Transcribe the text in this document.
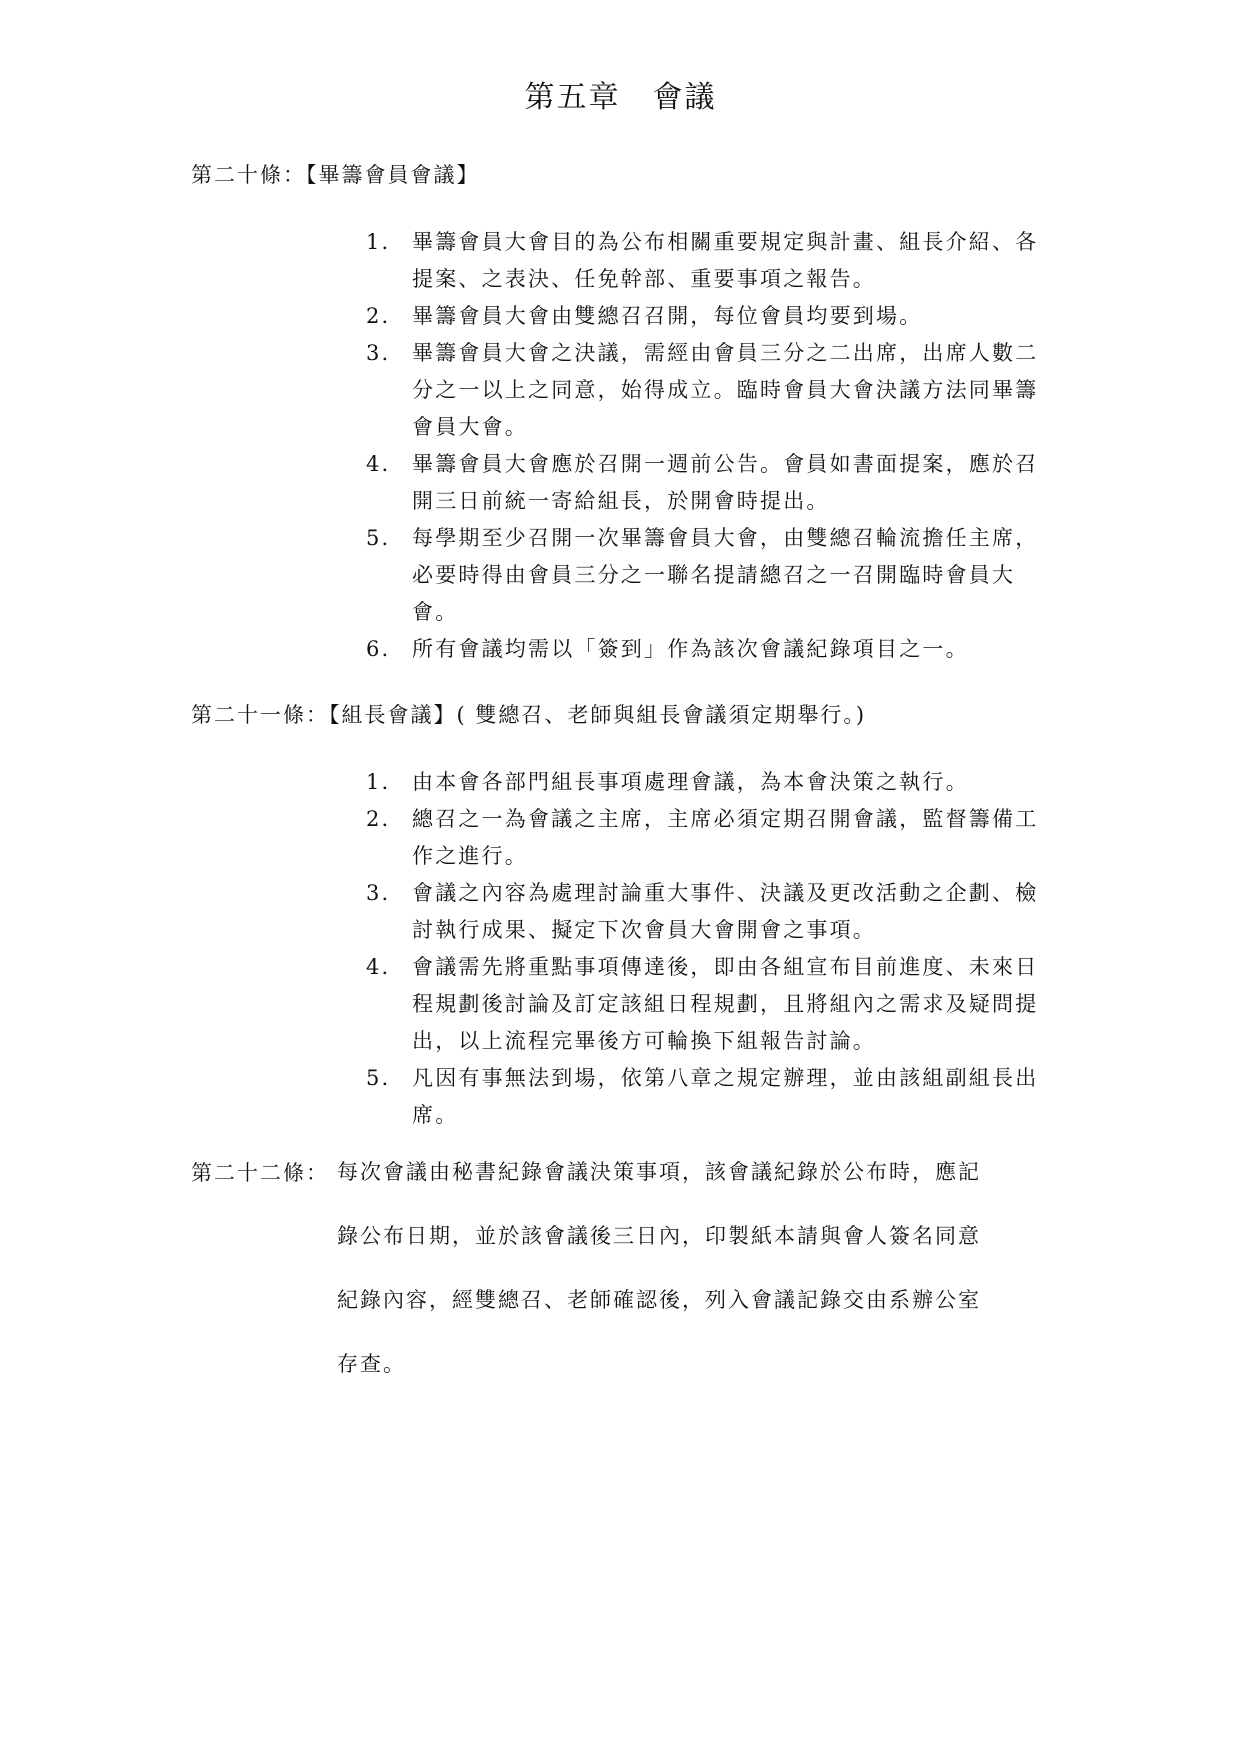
第五章　會議
第二十條：【畢籌會員會議】
1. 畢籌會員大會目的為公布相關重要規定與計畫、組長介紹、各提案、之表決、任免幹部、重要事項之報告。
2. 畢籌會員大會由雙總召召開，每位會員均要到場。
3. 畢籌會員大會之決議，需經由會員三分之二出席，出席人數二分之一以上之同意，始得成立。臨時會員大會決議方法同畢籌會員大會。
4. 畢籌會員大會應於召開一週前公告。會員如書面提案，應於召開三日前統一寄給組長，於開會時提出。
5. 每學期至少召開一次畢籌會員大會，由雙總召輪流擔任主席，必要時得由會員三分之一聯名提請總召之一召開臨時會員大會。
6. 所有會議均需以「簽到」作為該次會議紀錄項目之一。
第二十一條：【組長會議】( 雙總召、老師與組長會議須定期舉行。)
1. 由本會各部門組長事項處理會議，為本會決策之執行。
2. 總召之一為會議之主席，主席必須定期召開會議，監督籌備工作之進行。
3. 會議之內容為處理討論重大事件、決議及更改活動之企劃、檢討執行成果、擬定下次會員大會開會之事項。
4. 會議需先將重點事項傳達後，即由各組宣布目前進度、未來日程規劃後討論及訂定該組日程規劃，且將組內之需求及疑問提出，以上流程完畢後方可輪換下組報告討論。
5. 凡因有事無法到場，依第八章之規定辦理，並由該組副組長出席。
第二十二條： 每次會議由秘書紀錄會議決策事項，該會議紀錄於公布時，應記
錄公布日期，並於該會議後三日內，印製紙本請與會人簽名同意
紀錄內容，經雙總召、老師確認後，列入會議記錄交由系辦公室
存查。
